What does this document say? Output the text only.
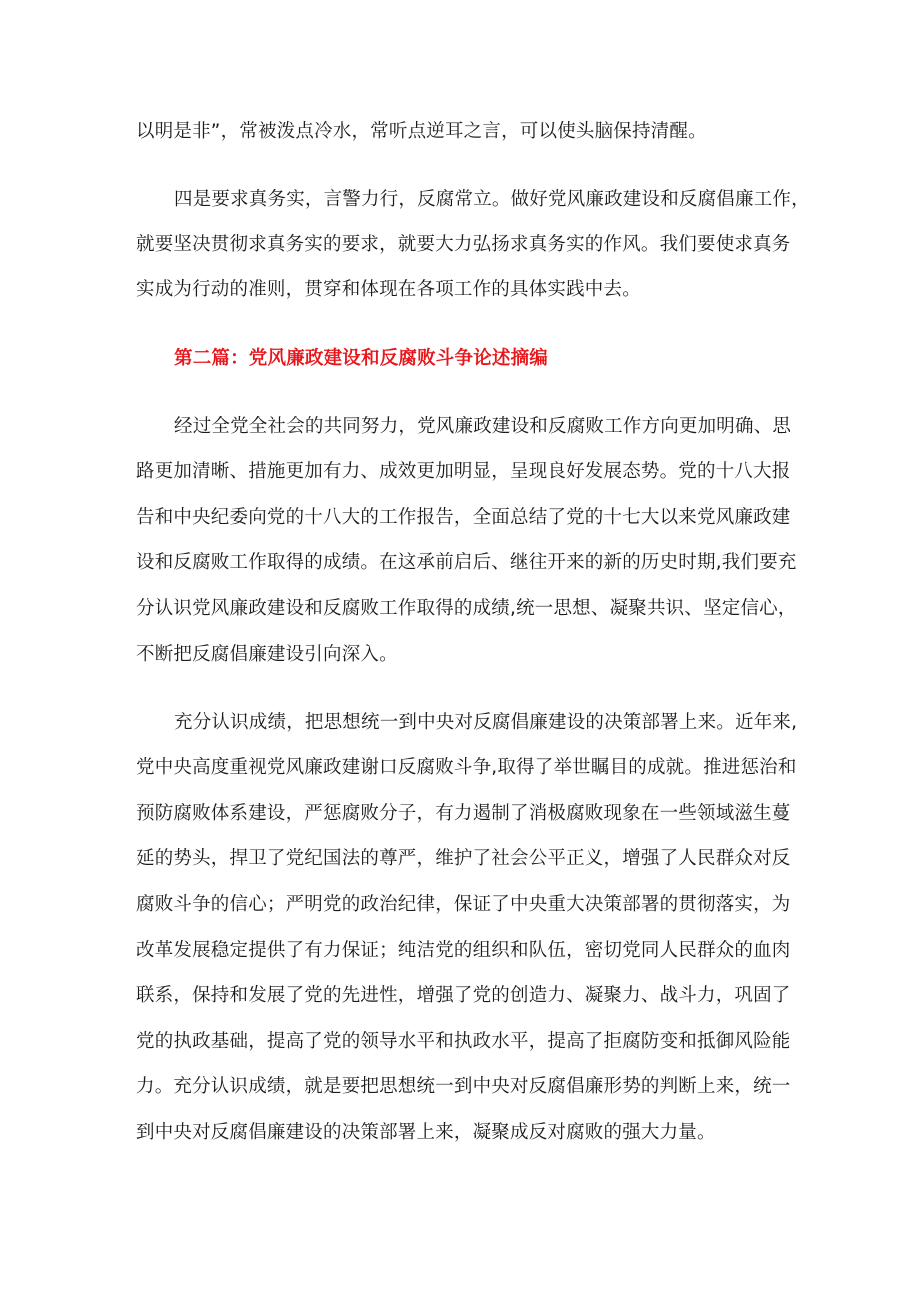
以明是非”，常被泼点冷水，常听点逆耳之言，可以使头脑保持清醒。
四是要求真务实，言警力行，反腐常立。做好党风廉政建设和反腐倡廉工作，
就要坚决贯彻求真务实的要求，就要大力弘扬求真务实的作风。我们要使求真务
实成为行动的准则，贯穿和体现在各项工作的具体实践中去。
第二篇：党风廉政建设和反腐败斗争论述摘编
经过全党全社会的共同努力，党风廉政建设和反腐败工作方向更加明确、思
路更加清晰、措施更加有力、成效更加明显，呈现良好发展态势。党的十八大报
告和中央纪委向党的十八大的工作报告，全面总结了党的十七大以来党风廉政建
设和反腐败工作取得的成绩。在这承前启后、继往开来的新的历史时期,我们要充
分认识党风廉政建设和反腐败工作取得的成绩,统一思想、凝聚共识、坚定信心，
不断把反腐倡廉建设引向深入。
充分认识成绩，把思想统一到中央对反腐倡廉建设的决策部署上来。近年来,
党中央高度重视党风廉政建谢口反腐败斗争,取得了举世瞩目的成就。推进惩治和
预防腐败体系建设，严惩腐败分子，有力遏制了消极腐败现象在一些领域滋生蔓
延的势头，捍卫了党纪国法的尊严，维护了社会公平正义，增强了人民群众对反
腐败斗争的信心；严明党的政治纪律，保证了中央重大决策部署的贯彻落实，为
改革发展稳定提供了有力保证；纯洁党的组织和队伍，密切党同人民群众的血肉
联系，保持和发展了党的先进性，增强了党的创造力、凝聚力、战斗力，巩固了
党的执政基础，提高了党的领导水平和执政水平，提高了拒腐防变和抵御风险能
力。充分认识成绩，就是要把思想统一到中央对反腐倡廉形势的判断上来，统一
到中央对反腐倡廉建设的决策部署上来，凝聚成反对腐败的强大力量。
